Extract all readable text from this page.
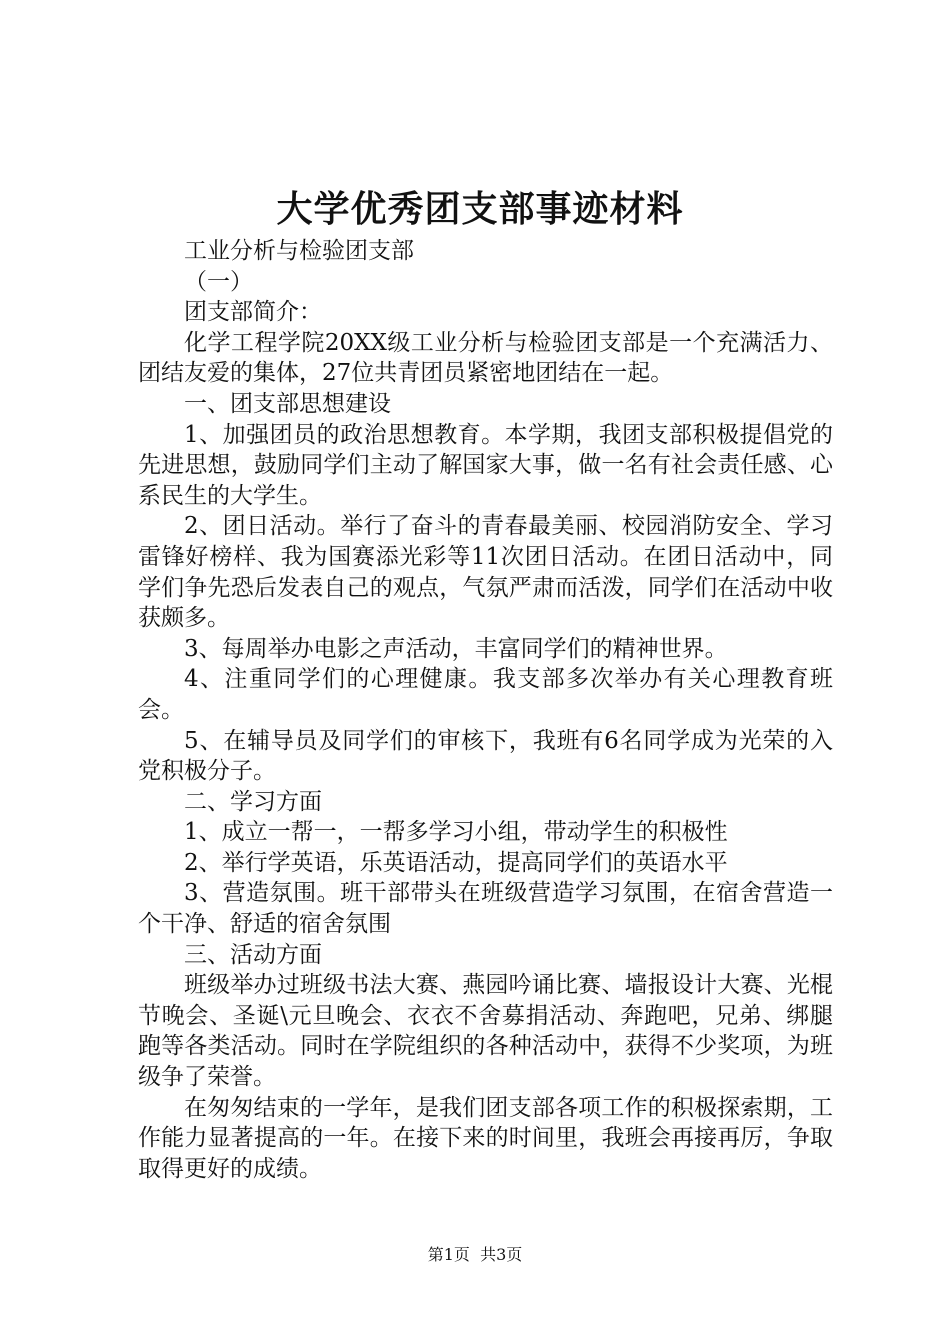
大学优秀团支部事迹材料

工业分析与检验团支部

（一）

团支部简介：

化学工程学院20XX级工业分析与检验团支部是一个充满活力、团结友爱的集体，27位共青团员紧密地团结在一起。

一、团支部思想建设

1、加强团员的政治思想教育。本学期，我团支部积极提倡党的先进思想，鼓励同学们主动了解国家大事，做一名有社会责任感、心系民生的大学生。

2、团日活动。举行了奋斗的青春最美丽、校园消防安全、学习雷锋好榜样、我为国赛添光彩等11次团日活动。在团日活动中，同学们争先恐后发表自己的观点，气氛严肃而活泼，同学们在活动中收获颇多。

3、每周举办电影之声活动，丰富同学们的精神世界。

4、注重同学们的心理健康。我支部多次举办有关心理教育班会。

5、在辅导员及同学们的审核下，我班有6名同学成为光荣的入党积极分子。

二、学习方面

1、成立一帮一，一帮多学习小组，带动学生的积极性

2、举行学英语，乐英语活动，提高同学们的英语水平

3、营造氛围。班干部带头在班级营造学习氛围，在宿舍营造一个干净、舒适的宿舍氛围

三、活动方面

班级举办过班级书法大赛、燕园吟诵比赛、墙报设计大赛、光棍节晚会、圣诞\元旦晚会、衣衣不舍募捐活动、奔跑吧，兄弟、绑腿跑等各类活动。同时在学院组织的各种活动中，获得不少奖项，为班级争了荣誉。

在匆匆结束的一学年，是我们团支部各项工作的积极探索期，工作能力显著提高的一年。在接下来的时间里，我班会再接再厉，争取取得更好的成绩。

第1页  共3页
